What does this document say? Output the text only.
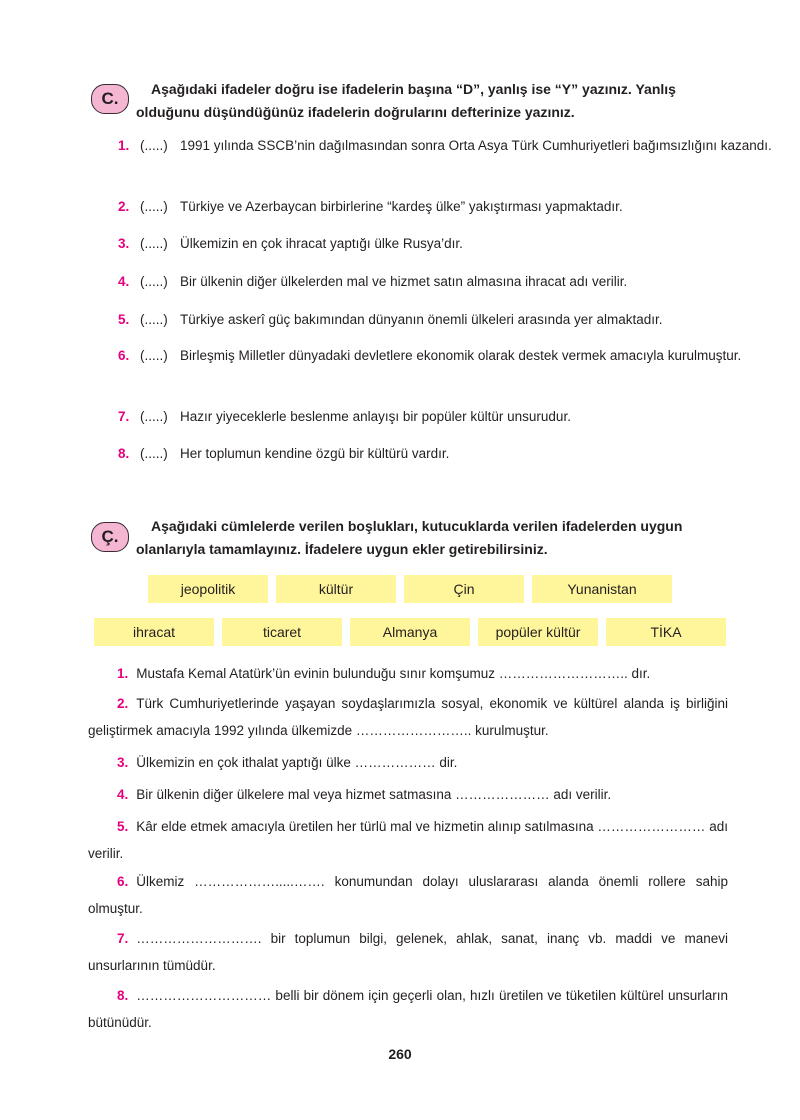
C.	Aşağıdaki ifadeler doğru ise ifadelerin başına “D”, yanlış ise “Y” yazınız. Yanlış olduğunu düşündüğünüz ifadelerin doğrularını defterinize yazınız.
1. (.....) 1991 yılında SSCB’nin dağılmasından sonra Orta Asya Türk Cumhuriyetleri bağımsızlığını kazandı.
2. (.....) Türkiye ve Azerbaycan birbirlerine “kardeş ülke” yakıştırması yapmaktadır.
3. (.....) Ülkemizin en çok ihracat yaptığı ülke Rusya’dır.
4. (.....) Bir ülkenin diğer ülkelerden mal ve hizmet satın almasına ihracat adı verilir.
5. (.....) Türkiye askerî güç bakımından dünyanın önemli ülkeleri arasında yer almaktadır.
6. (.....) Birleşmiş Milletler dünyadaki devletlere ekonomik olarak destek vermek amacıyla kurulmuştur.
7. (.....) Hazır yiyeceklerle beslenme anlayışı bir popüler kültür unsurudur.
8. (.....) Her toplumun kendine özgü bir kültürü vardır.
Ç.
Aşağıdaki cümlelerde verilen boşlukları, kutucuklarda verilen ifadelerden uygun olanlarıyla tamamlayınız. İfadelere uygun ekler getirebilirsiniz.
jeopolitik	kültür	Çin	Yunanistan
ihracat	ticaret	Almanya	popüler kültür	TİKA
1. Mustafa Kemal Atatürk’ün evinin bulunduğu sınır komşumuz ……………………….. dır.
2. Türk Cumhuriyetlerinde yaşayan soydaşlarımızla sosyal, ekonomik ve kültürel alanda iş birliğini geliştirmek amacıyla 1992 yılında ülkemizde …………………….. kurulmuştur.
3. Ülkemizin en çok ithalat yaptığı ülke ……………… dir.
4. Bir ülkenin diğer ülkelere mal veya hizmet satmasına ………………… adı verilir.
5. Kâr elde etmek amacıyla üretilen her türlü mal ve hizmetin alınıp satılmasına …………………… adı verilir.
6. Ülkemiz ……………….....……. konumundan dolayı uluslararası alanda önemli rollere sahip olmuştur.
7. ………………………. bir toplumun bilgi, gelenek, ahlak, sanat, inanç vb. maddi ve manevi unsurlarının tümüdür.
8. ………………………… belli bir dönem için geçerli olan, hızlı üretilen ve tüketilen kültürel unsurların bütünüdür.
260
